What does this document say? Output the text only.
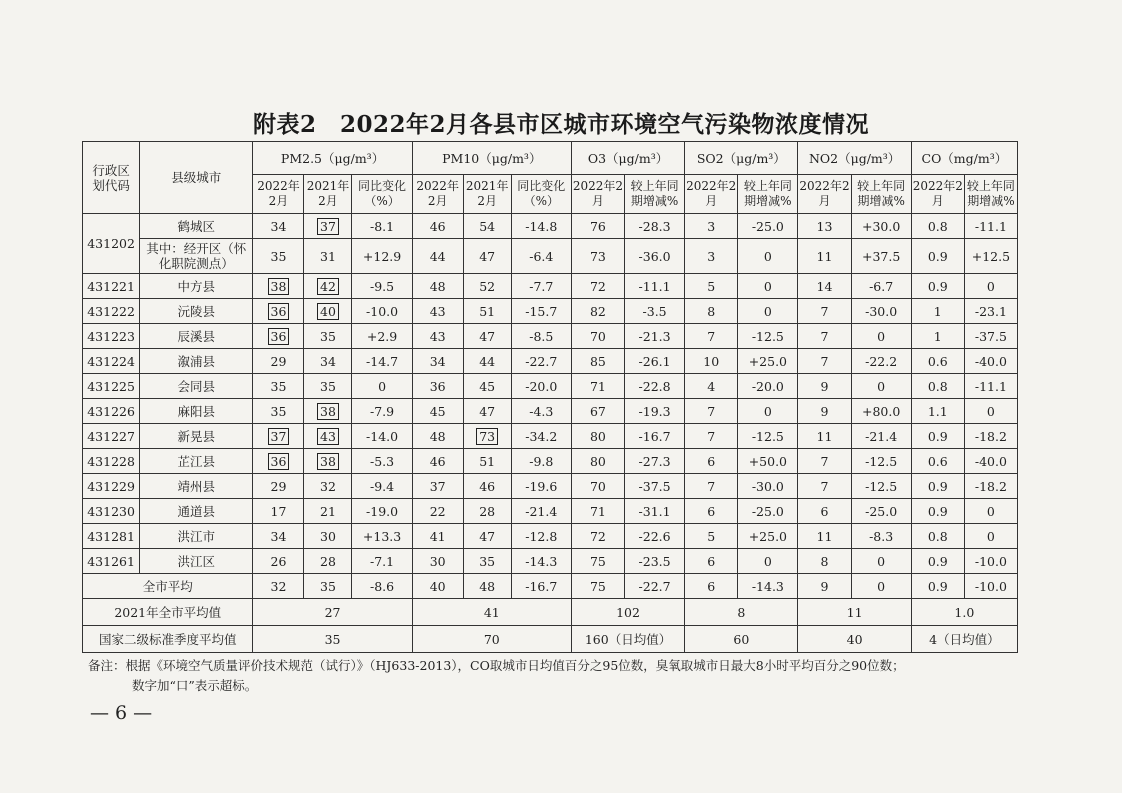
附表2　2022年2月各县市区城市环境空气污染物浓度情况
行政区划代码	县级城市	PM2.5（μg/m³）			PM10（μg/m³）			O3（μg/m³）		SO2（μg/m³）		NO2（μg/m³）		CO（mg/m³）	
		2022年2月	2021年2月	同比变化（%）	2022年2月	2021年2月	同比变化（%）	2022年2月	较上年同期增减%	2022年2月	较上年同期增减%	2022年2月	较上年同期增减%	2022年2月	较上年同期增减%
431202	鹤城区	34	37	-8.1	46	54	-14.8	76	-28.3	3	-25.0	13	+30.0	0.8	-11.1
	其中：经开区（怀化职院测点）	35	31	+12.9	44	47	-6.4	73	-36.0	3	0	11	+37.5	0.9	+12.5
431221	中方县	38	42	-9.5	48	52	-7.7	72	-11.1	5	0	14	-6.7	0.9	0
431222	沅陵县	36	40	-10.0	43	51	-15.7	82	-3.5	8	0	7	-30.0	1	-23.1
431223	辰溪县	36	35	+2.9	43	47	-8.5	70	-21.3	7	-12.5	7	0	1	-37.5
431224	溆浦县	29	34	-14.7	34	44	-22.7	85	-26.1	10	+25.0	7	-22.2	0.6	-40.0
431225	会同县	35	35	0	36	45	-20.0	71	-22.8	4	-20.0	9	0	0.8	-11.1
431226	麻阳县	35	38	-7.9	45	47	-4.3	67	-19.3	7	0	9	+80.0	1.1	0
431227	新晃县	37	43	-14.0	48	73	-34.2	80	-16.7	7	-12.5	11	-21.4	0.9	-18.2
431228	芷江县	36	38	-5.3	46	51	-9.8	80	-27.3	6	+50.0	7	-12.5	0.6	-40.0
431229	靖州县	29	32	-9.4	37	46	-19.6	70	-37.5	7	-30.0	7	-12.5	0.9	-18.2
431230	通道县	17	21	-19.0	22	28	-21.4	71	-31.1	6	-25.0	6	-25.0	0.9	0
431281	洪江市	34	30	+13.3	41	47	-12.8	72	-22.6	5	+25.0	11	-8.3	0.8	0
431261	洪江区	26	28	-7.1	30	35	-14.3	75	-23.5	6	0	8	0	0.9	-10.0
全市平均		32	35	-8.6	40	48	-16.7	75	-22.7	6	-14.3	9	0	0.9	-10.0
2021年全市平均值		27			41			102		8		11		1.0	
国家二级标准季度平均值		35			70			160（日均值）		60		40		4（日均值）	
备注：根据《环境空气质量评价技术规范（试行）》（HJ633-2013），CO取城市日均值百分之95位数，臭氧取城市日最大8小时平均百分之90位数；
数字加“口”表示超标。
— 6 —
